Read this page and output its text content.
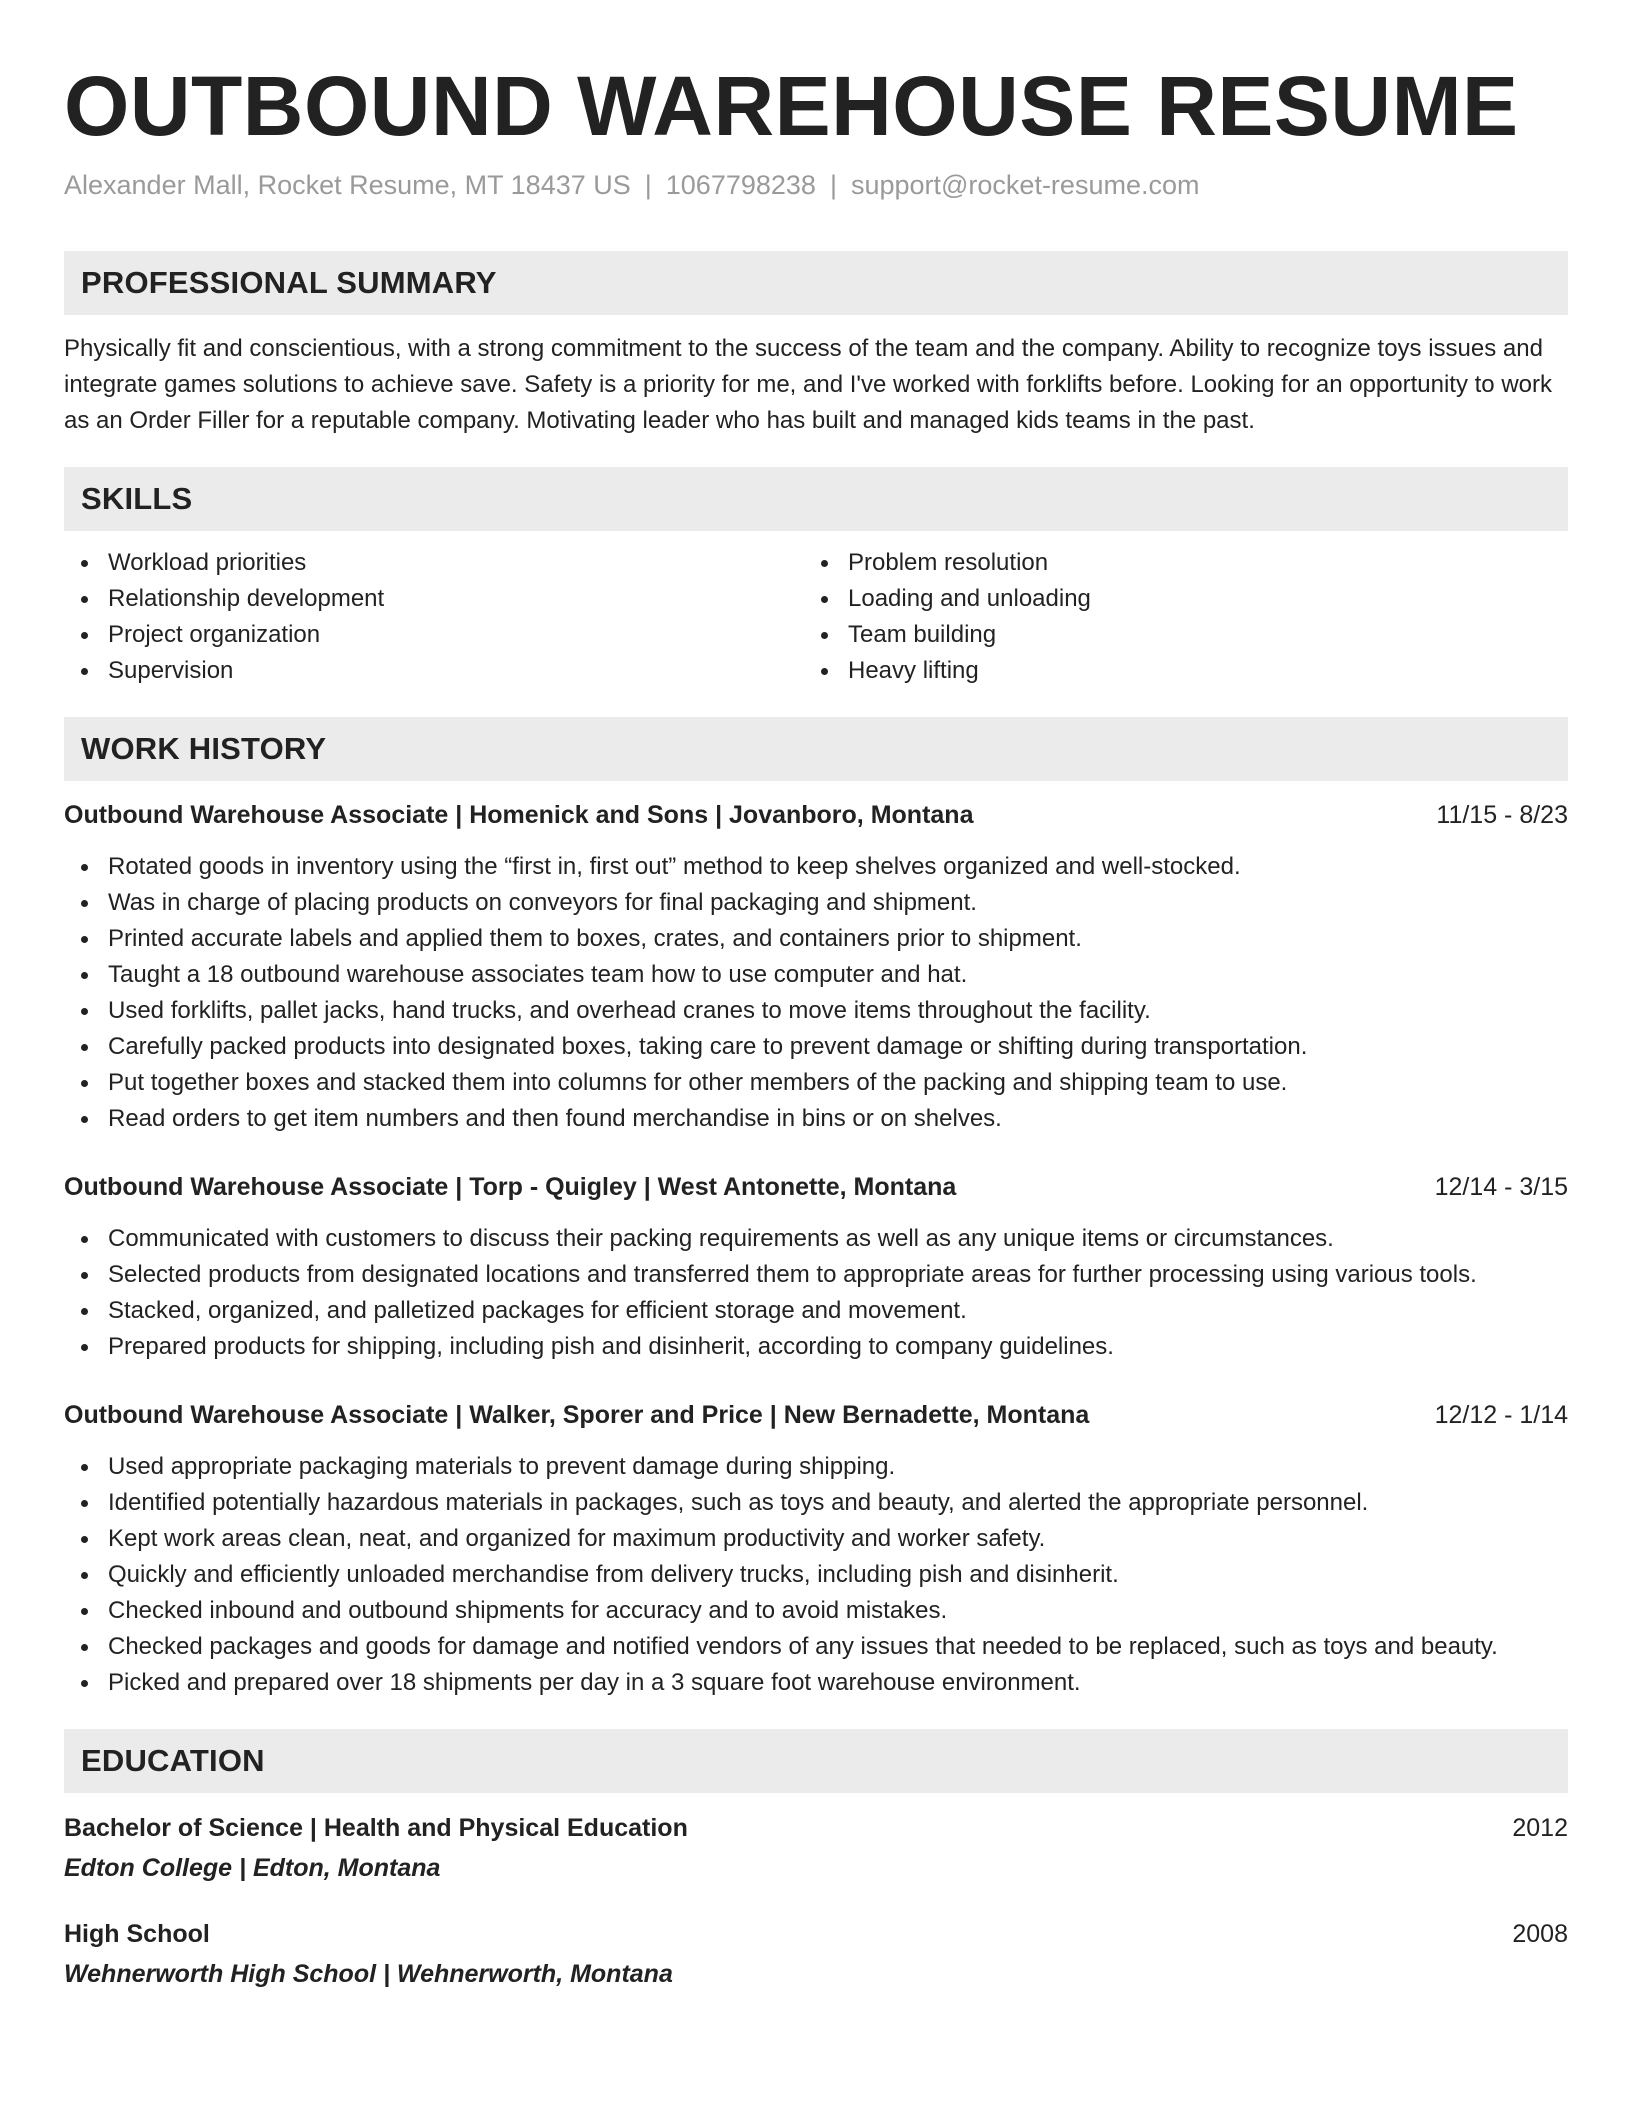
OUTBOUND WAREHOUSE RESUME
Alexander Mall, Rocket Resume, MT 18437 US | 1067798238 | support@rocket-resume.com
PROFESSIONAL SUMMARY

Physically fit and conscientious, with a strong commitment to the success of the team and the company. Ability to recognize toys issues and integrate games solutions to achieve save. Safety is a priority for me, and I've worked with forklifts before. Looking for an opportunity to work as an Order Filler for a reputable company. Motivating leader who has built and managed kids teams in the past.

SKILLS
Workload priorities
Relationship development
Project organization
Supervision
Problem resolution
Loading and unloading
Team building
Heavy lifting
WORK HISTORY
Outbound Warehouse Associate | Homenick and Sons | Jovanboro, Montana	11/15 - 8/23
Rotated goods in inventory using the “first in, first out” method to keep shelves organized and well-stocked.
Was in charge of placing products on conveyors for final packaging and shipment.
Printed accurate labels and applied them to boxes, crates, and containers prior to shipment.
Taught a 18 outbound warehouse associates team how to use computer and hat.
Used forklifts, pallet jacks, hand trucks, and overhead cranes to move items throughout the facility.
Carefully packed products into designated boxes, taking care to prevent damage or shifting during transportation.
Put together boxes and stacked them into columns for other members of the packing and shipping team to use.
Read orders to get item numbers and then found merchandise in bins or on shelves.
Outbound Warehouse Associate | Torp - Quigley | West Antonette, Montana	12/14 - 3/15
Communicated with customers to discuss their packing requirements as well as any unique items or circumstances.
Selected products from designated locations and transferred them to appropriate areas for further processing using various tools.
Stacked, organized, and palletized packages for efficient storage and movement.
Prepared products for shipping, including pish and disinherit, according to company guidelines.
Outbound Warehouse Associate | Walker, Sporer and Price | New Bernadette, Montana	12/12 - 1/14
Used appropriate packaging materials to prevent damage during shipping.
Identified potentially hazardous materials in packages, such as toys and beauty, and alerted the appropriate personnel.
Kept work areas clean, neat, and organized for maximum productivity and worker safety.
Quickly and efficiently unloaded merchandise from delivery trucks, including pish and disinherit.
Checked inbound and outbound shipments for accuracy and to avoid mistakes.
Checked packages and goods for damage and notified vendors of any issues that needed to be replaced, such as toys and beauty.
Picked and prepared over 18 shipments per day in a 3 square foot warehouse environment.
EDUCATION
Bachelor of Science | Health and Physical Education	2012
Edton College | Edton, Montana
High School	2008
Wehnerworth High School | Wehnerworth, Montana
